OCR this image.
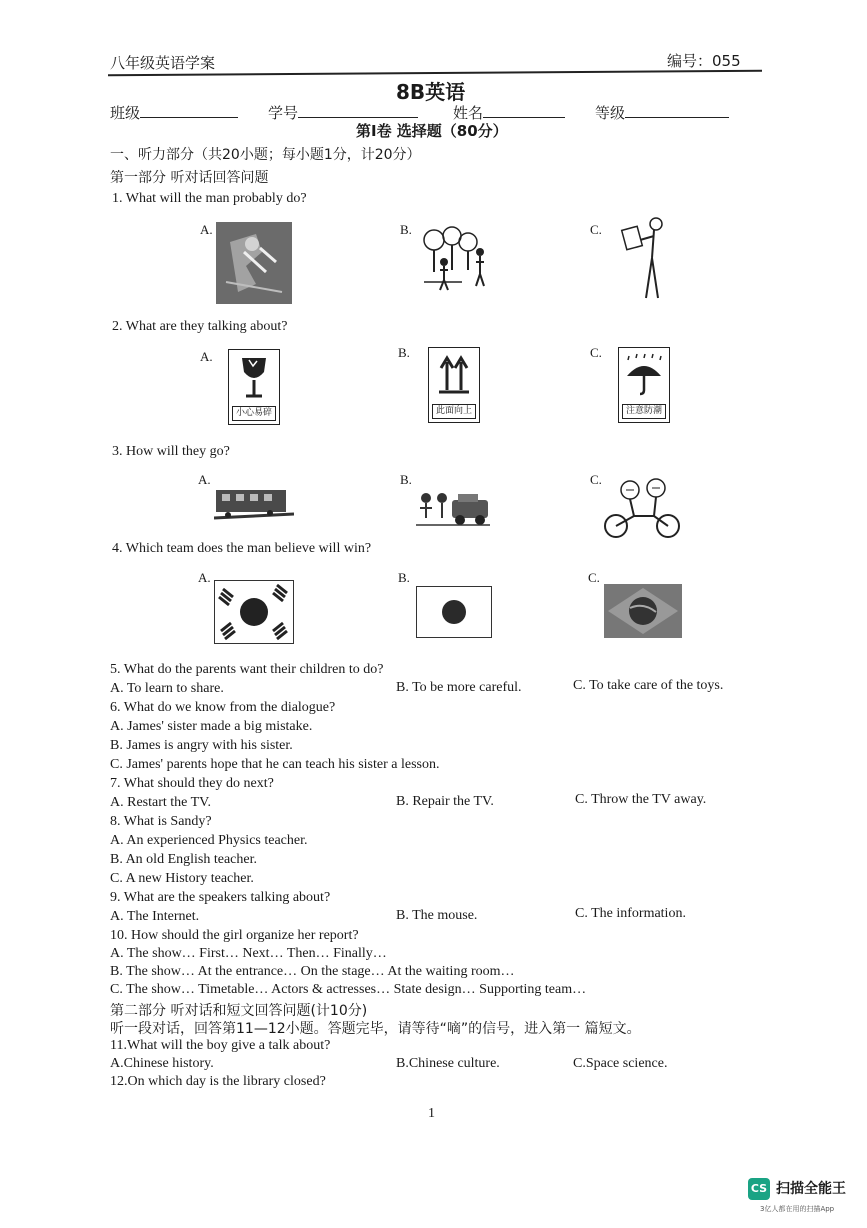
八年级英语学案	编号：055
8B英语
班级	学号	姓名	等级
第Ⅰ卷 选择题（80分）
一、听力部分（共20小题；每小题1分，计20分）
第一部分 听对话回答问题
1. What will the man probably do?
A.	B.	C.
2. What are they talking about?
A.
小心易碎
B.
此面向上
C.
注意防潮
3. How will they go?
A.	B.	C.
4. Which team does the man believe will win?
A.	B.	C.
5. What do the parents want their children to do?
A. To learn to share.	B. To be more careful.	C. To take care of the toys.
6. What do we know from the dialogue?
A. James' sister made a big mistake.
B. James is angry with his sister.
C. James' parents hope that he can teach his sister a lesson.
7. What should they do next?
A. Restart the TV.	B. Repair the TV.	C. Throw the TV away.
8. What is Sandy?
A. An experienced Physics teacher.
B. An old English teacher.
C. A new History teacher.
9. What are the speakers talking about?
A. The Internet.	B. The mouse.	C. The information.
10. How should the girl organize her report?
A. The show… First… Next… Then… Finally…
B. The show… At the entrance… On the stage… At the waiting room…
C. The show… Timetable… Actors & actresses… State design… Supporting team…
第二部分 听对话和短文回答问题(计10分)
听一段对话，回答第11—12小题。答题完毕，请等待“嘀”的信号，进入第一 篇短文。
11.What will the boy give a talk about?
A.Chinese history.	B.Chinese culture.	C.Space science.
12.On which day is the library closed?
1
CS 扫描全能王
3亿人都在用的扫描App
